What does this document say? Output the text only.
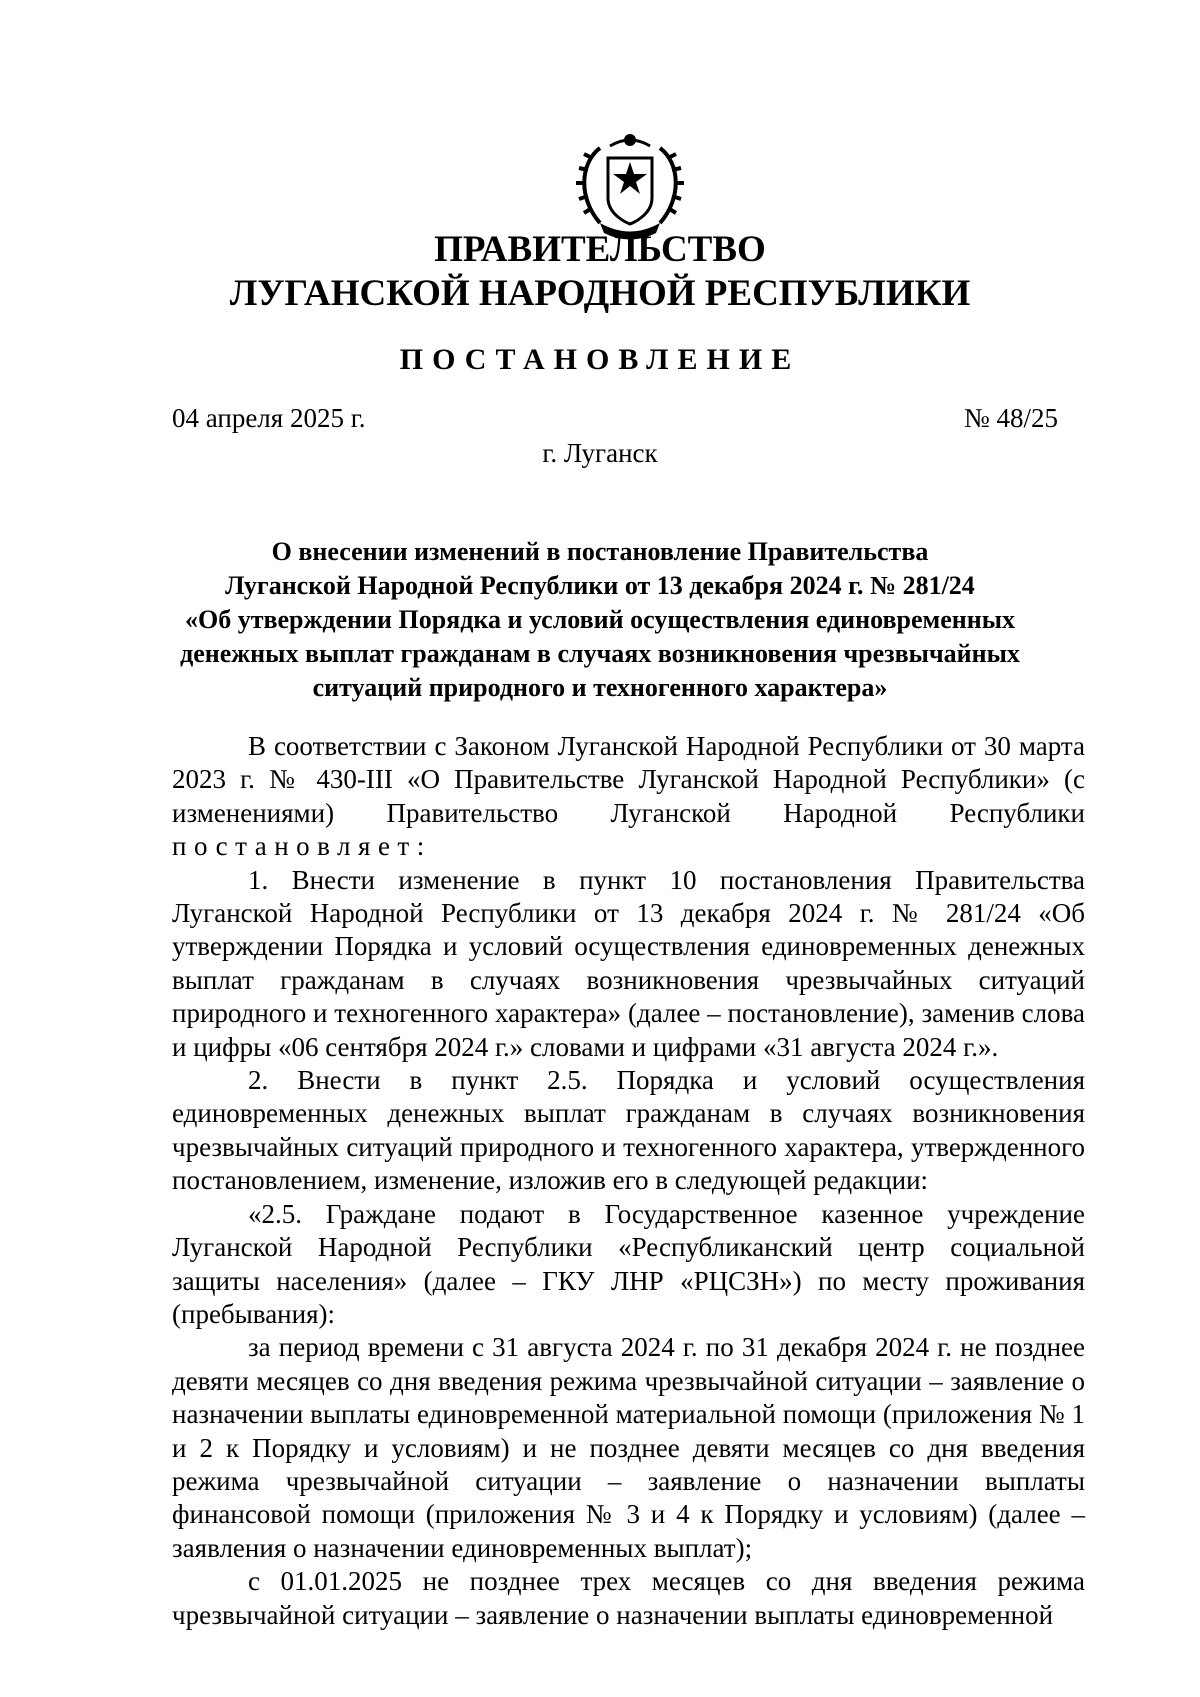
ПРАВИТЕЛЬСТВО
ЛУГАНСКОЙ НАРОДНОЙ РЕСПУБЛИКИ
ПОСТАНОВЛЕНИЕ
04 апреля 2025 г.	№ 48/25
г. Луганск
О внесении изменений в постановление Правительства
Луганской Народной Республики от 13 декабря 2024 г. № 281/24
«Об утверждении Порядка и условий осуществления единовременных
денежных выплат гражданам в случаях возникновения чрезвычайных
ситуаций природного и техногенного характера»

В соответствии с Законом Луганской Народной Республики от 30 марта 2023 г. № 430-III «О Правительстве Луганской Народной Республики» (с изменениями) Правительство Луганской Народной Республики постановляет:

1. Внести изменение в пункт 10 постановления Правительства Луганской Народной Республики от 13 декабря 2024 г. № 281/24 «Об утверждении Порядка и условий осуществления единовременных денежных выплат гражданам в случаях возникновения чрезвычайных ситуаций природного и техногенного характера» (далее – постановление), заменив слова и цифры «06 сентября 2024 г.» словами и цифрами «31 августа 2024 г.».

2. Внести в пункт 2.5. Порядка и условий осуществления единовременных денежных выплат гражданам в случаях возникновения чрезвычайных ситуаций природного и техногенного характера, утвержденного постановлением, изменение, изложив его в следующей редакции:

«2.5. Граждане подают в Государственное казенное учреждение Луганской Народной Республики «Республиканский центр социальной защиты населения» (далее – ГКУ ЛНР «РЦСЗН») по месту проживания (пребывания):

за период времени с 31 августа 2024 г. по 31 декабря 2024 г. не позднее девяти месяцев со дня введения режима чрезвычайной ситуации – заявление о назначении выплаты единовременной материальной помощи (приложения № 1 и 2 к Порядку и условиям) и не позднее девяти месяцев со дня введения режима чрезвычайной ситуации – заявление о назначении выплаты финансовой помощи (приложения № 3 и 4 к Порядку и условиям) (далее – заявления о назначении единовременных выплат);

с 01.01.2025 не позднее трех месяцев со дня введения режима чрезвычайной ситуации – заявление о назначении выплаты единовременной
